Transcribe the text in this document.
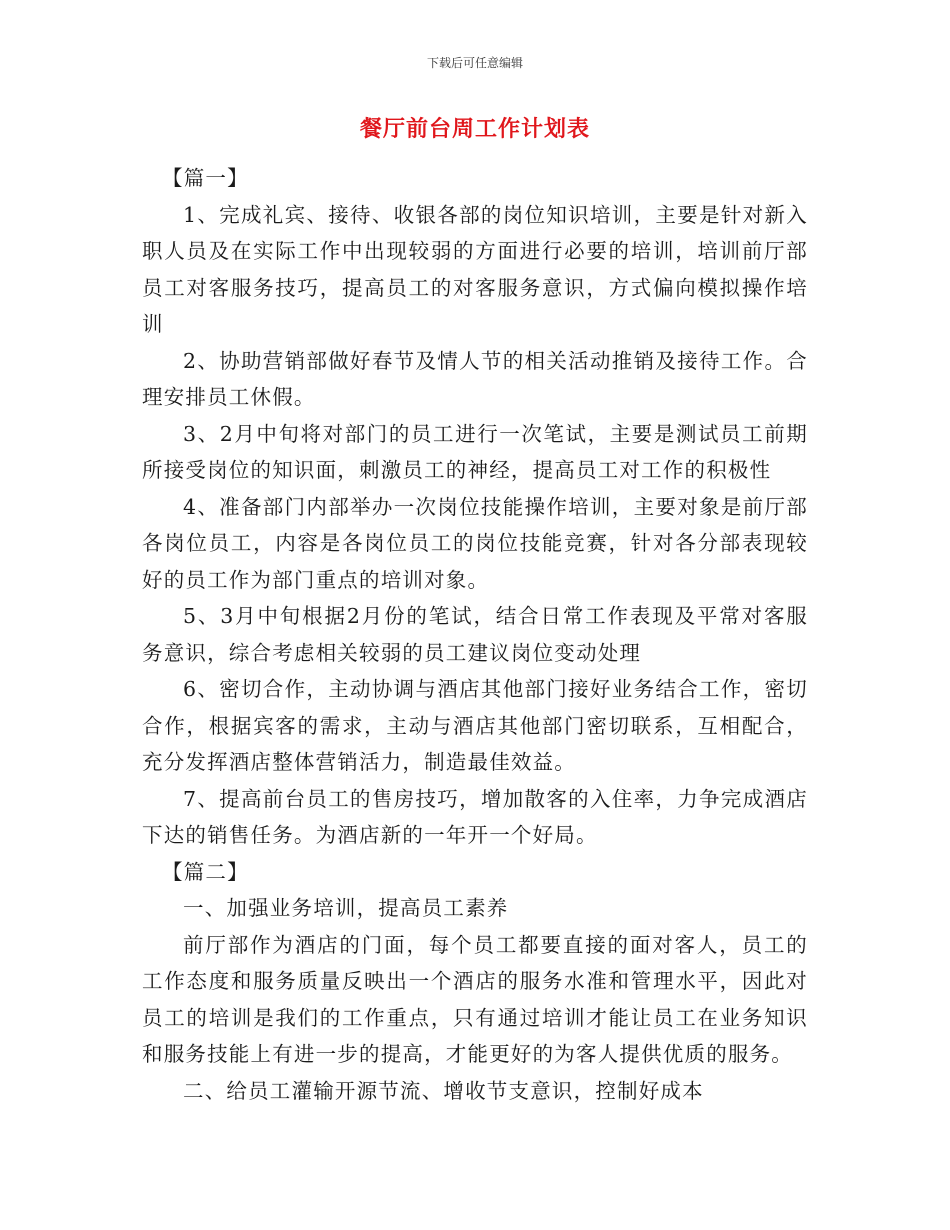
下载后可任意编辑
餐厅前台周工作计划表

【篇一】

1、完成礼宾、接待、收银各部的岗位知识培训，主要是针对新入职人员及在实际工作中出现较弱的方面进行必要的培训，培训前厅部员工对客服务技巧，提高员工的对客服务意识，方式偏向模拟操作培训

2、协助营销部做好春节及情人节的相关活动推销及接待工作。合理安排员工休假。

3、2月中旬将对部门的员工进行一次笔试，主要是测试员工前期所接受岗位的知识面，刺激员工的神经，提高员工对工作的积极性

4、准备部门内部举办一次岗位技能操作培训，主要对象是前厅部各岗位员工，内容是各岗位员工的岗位技能竞赛，针对各分部表现较好的员工作为部门重点的培训对象。

5、3月中旬根据2月份的笔试，结合日常工作表现及平常对客服务意识，综合考虑相关较弱的员工建议岗位变动处理

6、密切合作，主动协调与酒店其他部门接好业务结合工作，密切合作，根据宾客的需求，主动与酒店其他部门密切联系，互相配合，充分发挥酒店整体营销活力，制造最佳效益。

7、提高前台员工的售房技巧，增加散客的入住率，力争完成酒店下达的销售任务。为酒店新的一年开一个好局。

【篇二】

一、加强业务培训，提高员工素养

前厅部作为酒店的门面，每个员工都要直接的面对客人，员工的工作态度和服务质量反映出一个酒店的服务水准和管理水平，因此对员工的培训是我们的工作重点，只有通过培训才能让员工在业务知识和服务技能上有进一步的提高，才能更好的为客人提供优质的服务。

二、给员工灌输开源节流、增收节支意识，控制好成本
